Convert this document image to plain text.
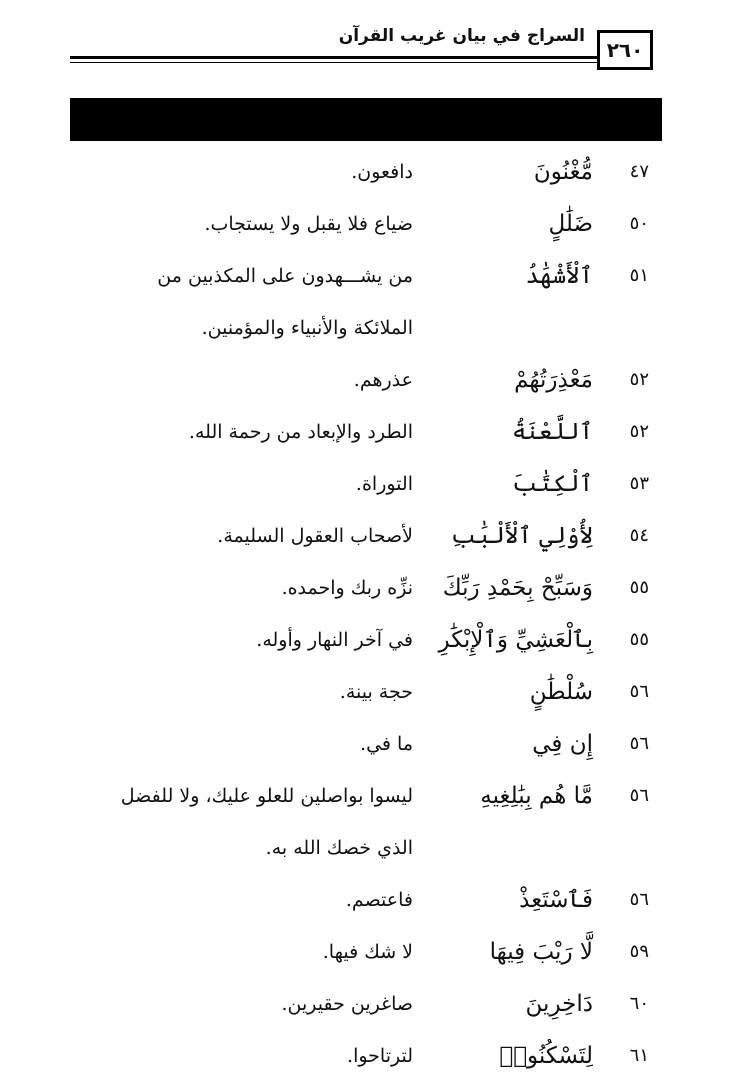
٢٦٠
السراج في بيان غريب القرآن
٤٧
مُّغْنُونَ
دافعون.
٥٠
ضَلَٰلٍ
ضياع فلا يقبل ولا يستجاب.
٥١
ٱلْأَشْهَٰدُ
من يشـــهدون على المكذبين من الملائكة والأنبياء والمؤمنين.
٥٢
مَعْذِرَتُهُمْ
عذرهم.
٥٢
ٱللَّعْنَةُ
الطرد والإبعاد من رحمة الله.
٥٣
ٱلْكِتَٰبَ
التوراة.
٥٤
لِأُوْلِي ٱلْأَلْبَٰبِ
لأصحاب العقول السليمة.
٥٥
وَسَبِّحْ بِحَمْدِ رَبِّكَ
نزِّه ربك واحمده.
٥٥
بِٱلْعَشِيِّ وَٱلْإِبْكَٰرِ
في آخر النهار وأوله.
٥٦
سُلْطَٰنٍ
حجة بينة.
٥٦
إِن فِي
ما في.
٥٦
مَّا هُم بِبَٰلِغِيهِ
ليسوا بواصلين للعلو عليك، ولا للفضل الذي خصك الله به.
٥٦
فَٱسْتَعِذْ
فاعتصم.
٥٩
لَّا رَيْبَ فِيهَا
لا شك فيها.
٦٠
دَاخِرِينَ
صاغرين حقيرين.
٦١
لِتَسْكُنُوا۟
لترتاحوا.
